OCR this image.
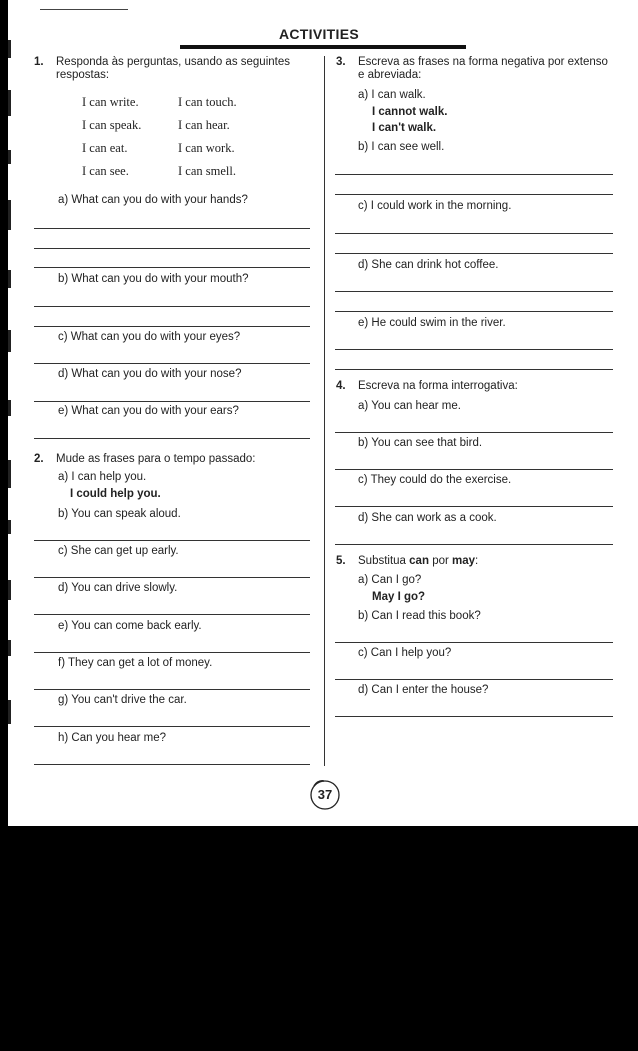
ACTIVITIES
1. Responda às perguntas, usando as seguintes
respostas:
I can write.
I can speak.
I can eat.
I can see.
I can touch.
I can hear.
I can work.
I can smell.
a) What can you do with your hands?
b) What can you do with your mouth?
c) What can you do with your eyes?
d) What can you do with your nose?
e) What can you do with your ears?
2. Mude as frases para o tempo passado:
a) I can help you.
I could help you.
b) You can speak aloud.
c) She can get up early.
d) You can drive slowly.
e) You can come back early.
f) They can get a lot of money.
g) You can't drive the car.
h) Can you hear me?
3. Escreva as frases na forma negativa por extenso
e abreviada:
a) I can walk.
I cannot walk.
I can't walk.
b) I can see well.
c) I could work in the morning.
d) She can drink hot coffee.
e) He could swim in the river.
4. Escreva na forma interrogativa:
a) You can hear me.
b) You can see that bird.
c) They could do the exercise.
d) She can work as a cook.
5. Substitua can por may:
a) Can I go?
May I go?
b) Can I read this book?
c) Can I help you?
d) Can I enter the house?
37
